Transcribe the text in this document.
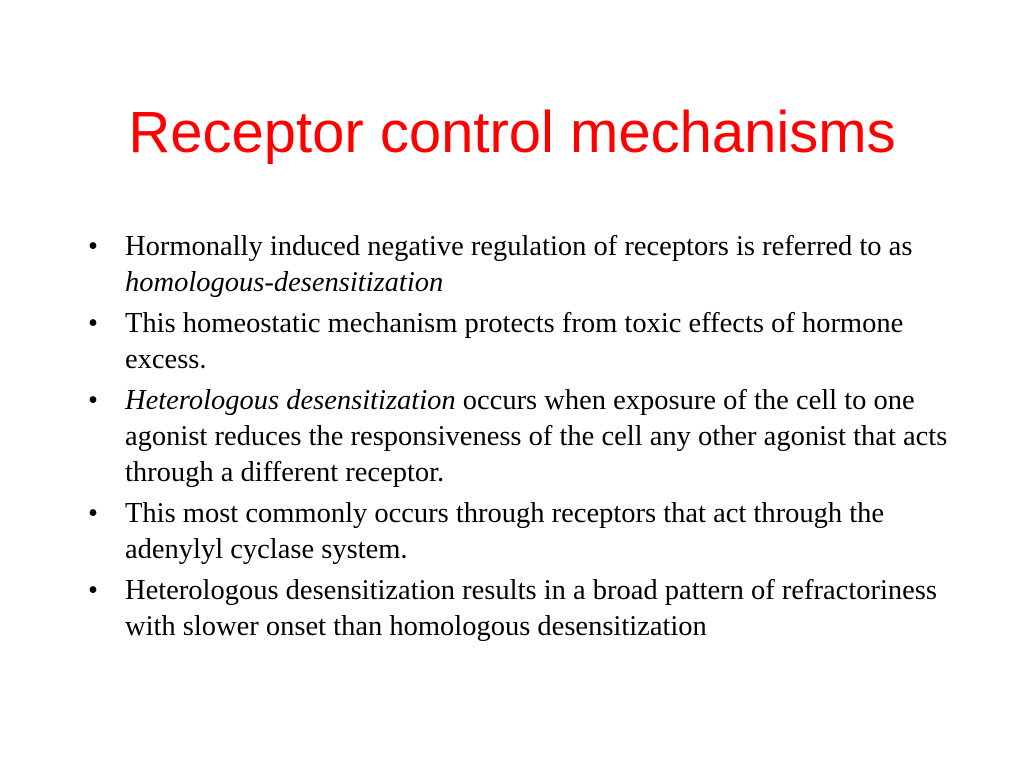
Receptor control mechanisms
• Hormonally induced negative regulation of receptors is referred to as homologous-desensitization
• This homeostatic mechanism protects from toxic effects of hormone excess.
• Heterologous desensitization occurs when exposure of the cell to one agonist reduces the responsiveness of the cell any other agonist that acts through a different receptor.
• This most commonly occurs through receptors that act through the adenylyl cyclase system.
• Heterologous desensitization results in a broad pattern of refractoriness with slower onset than homologous desensitization
